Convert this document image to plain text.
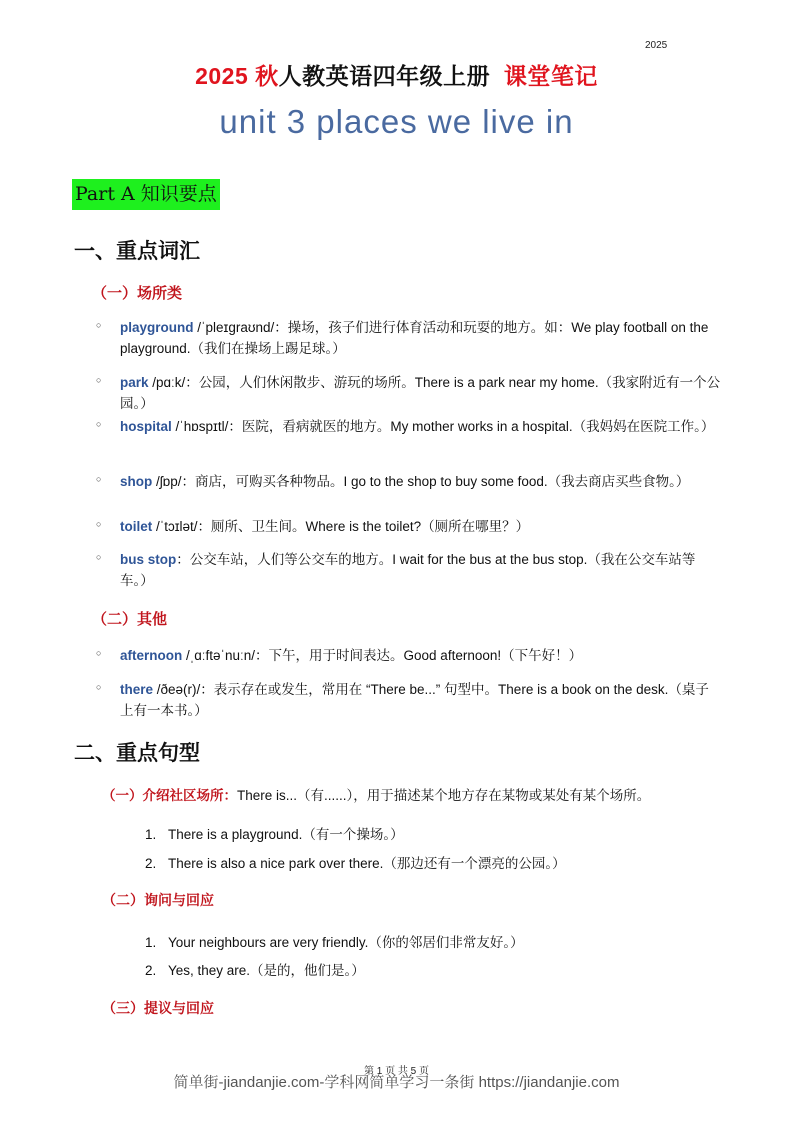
2025
2025 秋人教英语四年级上册 课堂笔记
unit 3 places we live in
Part A 知识要点
一、重点词汇
（一）场所类
○ playground /ˈpleɪɡraʊnd/：操场，孩子们进行体育活动和玩耍的地方。如：We play football on the playground.（我们在操场上踢足球。）
○ park /pɑːk/：公园，人们休闲散步、游玩的场所。There is a park near my home.（我家附近有一个公园。）
○ hospital /ˈhɒspɪtl/：医院，看病就医的地方。My mother works in a hospital.（我妈妈在医院工作。）
○ shop /ʃɒp/：商店，可购买各种物品。I go to the shop to buy some food.（我去商店买些食物。）
○ toilet /ˈtɔɪlət/：厕所、卫生间。Where is the toilet?（厕所在哪里？）
○ bus stop：公交车站，人们等公交车的地方。I wait for the bus at the bus stop.（我在公交车站等车。）
（二）其他
○ afternoon /ˌɑːftəˈnuːn/：下午，用于时间表达。Good afternoon!（下午好！）
○ there /ðeə(r)/：表示存在或发生，常用在 “There be...” 句型中。There is a book on the desk.（桌子上有一本书。）
二、重点句型
（一）介绍社区场所：There is...（有......），用于描述某个地方存在某物或某处有某个场所。
1. There is a playground.（有一个操场。）
2. There is also a nice park over there.（那边还有一个漂亮的公园。）
（二）询问与回应
1. Your neighbours are very friendly.（你的邻居们非常友好。）
2. Yes, they are.（是的，他们是。）
（三）提议与回应
第 1 页 共 5 页
简单街-jiandanjie.com-学科网简单学习一条街 https://jiandanjie.com
